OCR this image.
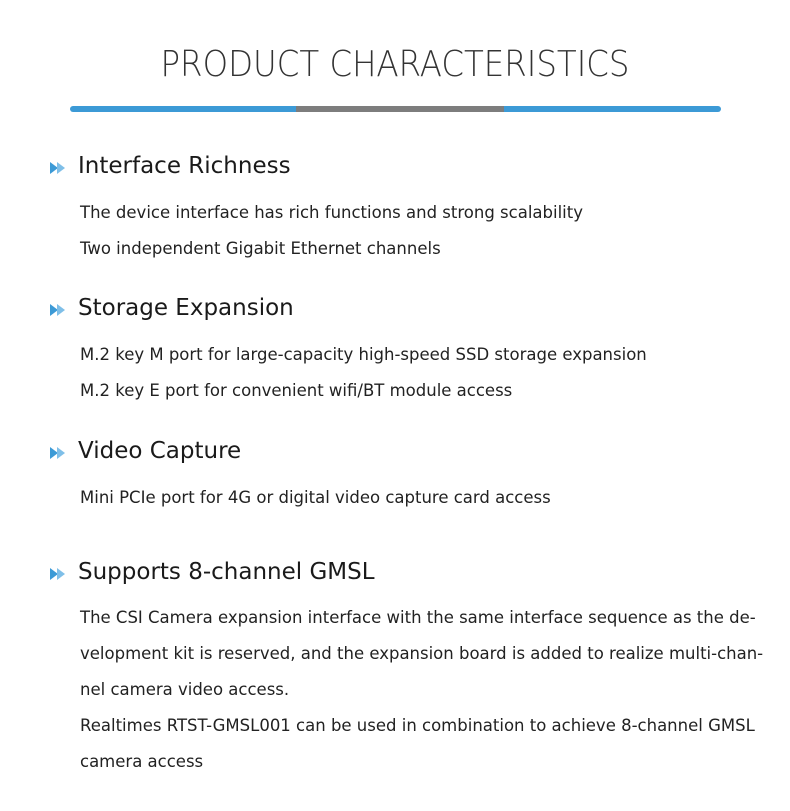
PRODUCT CHARACTERISTICS
Interface Richness
The device interface has rich functions and strong scalability
Two independent Gigabit Ethernet channels
Storage Expansion
M.2 key M port for large-capacity high-speed SSD storage expansion
M.2 key E port for convenient wifi/BT module access
Video Capture
Mini PCIe port for 4G or digital video capture card access
Supports 8-channel GMSL
The CSI Camera expansion interface with the same interface sequence as the de-
velopment kit is reserved, and the expansion board is added to realize multi-chan-
nel camera video access.
Realtimes RTST-GMSL001 can be used in combination to achieve 8-channel GMSL
camera access
